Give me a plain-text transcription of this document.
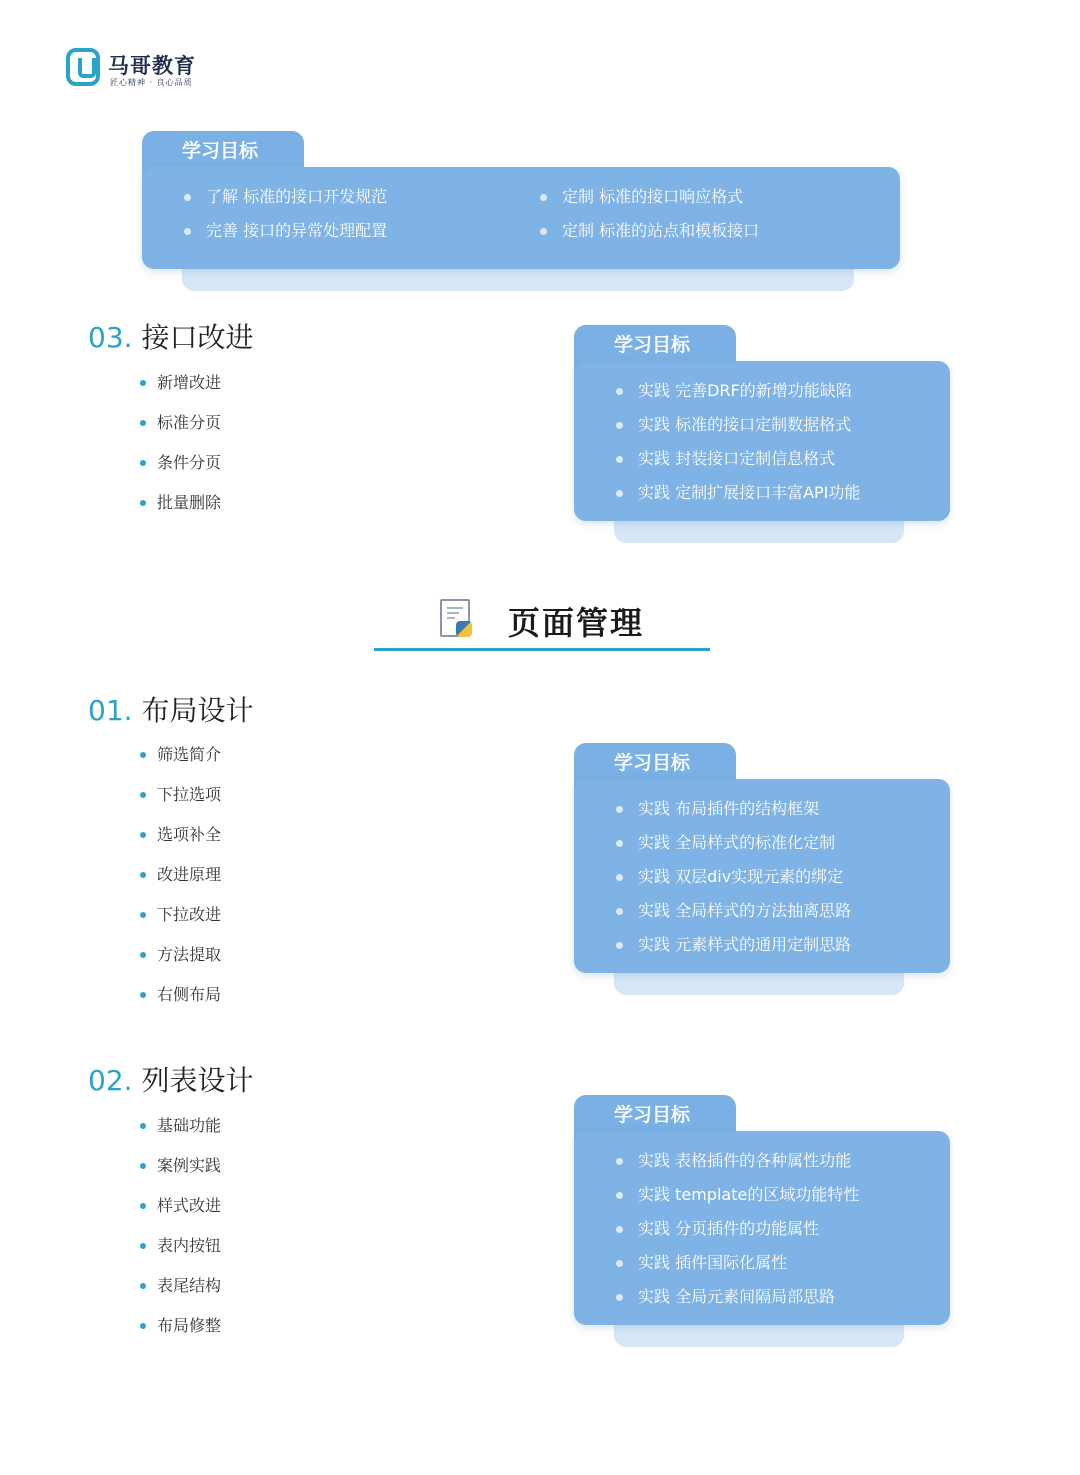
马哥教育
匠心精神 · 良心品质
学习目标
了解 标准的接口开发规范
完善 接口的异常处理配置
定制 标准的接口响应格式
定制 标准的站点和模板接口
03. 接口改进
新增改进
标准分页
条件分页
批量删除
学习目标
实践 完善DRF的新增功能缺陷
实践 标准的接口定制数据格式
实践 封装接口定制信息格式
实践 定制扩展接口丰富API功能
页面管理
01. 布局设计
筛选简介
下拉选项
选项补全
改进原理
下拉改进
方法提取
右侧布局
学习目标
实践 布局插件的结构框架
实践 全局样式的标准化定制
实践 双层div实现元素的绑定
实践 全局样式的方法抽离思路
实践 元素样式的通用定制思路
02. 列表设计
基础功能
案例实践
样式改进
表内按钮
表尾结构
布局修整
学习目标
实践 表格插件的各种属性功能
实践 template的区域功能特性
实践 分页插件的功能属性
实践 插件国际化属性
实践 全局元素间隔局部思路
